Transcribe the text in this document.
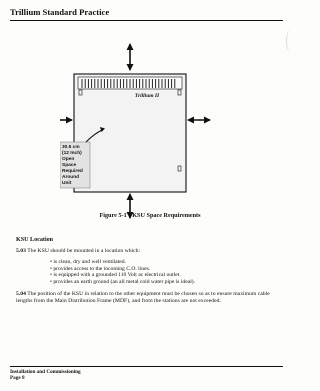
Trillium Standard Practice
Trillium II
30.5 cm
(12 Inch)
Open
Space
Required
Around
Unit
Figure 5-1 KSU Space Requirements
KSU Location
5.03 The KSU should be mounted in a location which:
• is clean, dry and well ventilated.
• provides access to the incoming C.O. lines.
• is equipped with a grounded 110 Volt ac electrical outlet.
• provides an earth ground (an all metal cold water pipe is ideal).
5.04 The position of the KSU in relation to the other equipment must be chosen so as to ensure maximum cable lengths from the Main Distribution Frame (MDF), and from the stations are not exceeded.
Installation and Commissioning
Page 8
